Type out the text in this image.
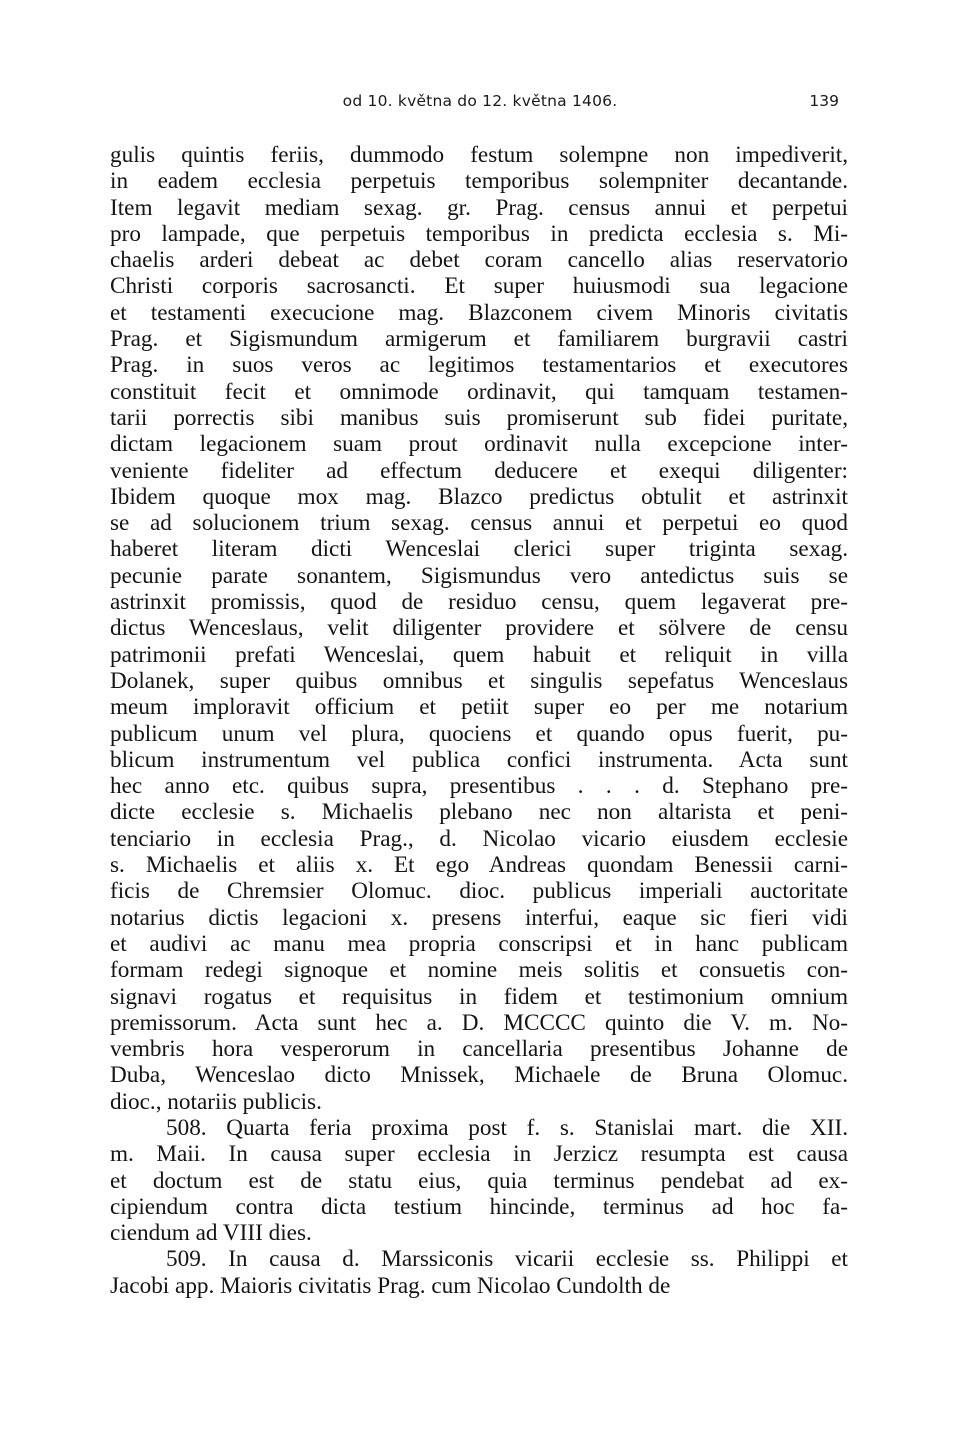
od 10. května do 12. května 1406.	139
gulis quintis feriis, dummodo festum solempne non impediverit,
in eadem ecclesia perpetuis temporibus solempniter decantande.
Item legavit mediam sexag. gr. Prag. census annui et perpetui
pro lampade, que perpetuis temporibus in predicta ecclesia s. Mi-
chaelis arderi debeat ac debet coram cancello alias reservatorio
Christi corporis sacrosancti. Et super huiusmodi sua legacione
et testamenti execucione mag. Blazconem civem Minoris civitatis
Prag. et Sigismundum armigerum et familiarem burgravii castri
Prag. in suos veros ac legitimos testamentarios et executores
constituit fecit et omnimode ordinavit, qui tamquam testamen-
tarii porrectis sibi manibus suis promiserunt sub fidei puritate,
dictam legacionem suam prout ordinavit nulla excepcione inter-
veniente fideliter ad effectum deducere et exequi diligenter:
Ibidem quoque mox mag. Blazco predictus obtulit et astrinxit
se ad solucionem trium sexag. census annui et perpetui eo quod
haberet literam dicti Wenceslai clerici super triginta sexag.
pecunie parate sonantem, Sigismundus vero antedictus suis se
astrinxit promissis, quod de residuo censu, quem legaverat pre-
dictus Wenceslaus, velit diligenter providere et sölvere de censu
patrimonii prefati Wenceslai, quem habuit et reliquit in villa
Dolanek, super quibus omnibus et singulis sepefatus Wenceslaus
meum imploravit officium et petiit super eo per me notarium
publicum unum vel plura, quociens et quando opus fuerit, pu-
blicum instrumentum vel publica confici instrumenta. Acta sunt
hec anno etc. quibus supra, presentibus . . . d. Stephano pre-
dicte ecclesie s. Michaelis plebano nec non altarista et peni-
tenciario in ecclesia Prag., d. Nicolao vicario eiusdem ecclesie
s. Michaelis et aliis x. Et ego Andreas quondam Benessii carni-
ficis de Chremsier Olomuc. dioc. publicus imperiali auctoritate
notarius dictis legacioni x. presens interfui, eaque sic fieri vidi
et audivi ac manu mea propria conscripsi et in hanc publicam
formam redegi signoque et nomine meis solitis et consuetis con-
signavi rogatus et requisitus in fidem et testimonium omnium
premissorum. Acta sunt hec a. D. MCCCC quinto die V. m. No-
vembris hora vesperorum in cancellaria presentibus Johanne de
Duba, Wenceslao dicto Mnissek, Michaele de Bruna Olomuc.
dioc., notariis publicis.
508. Quarta feria proxima post f. s. Stanislai mart. die XII.
m. Maii. In causa super ecclesia in Jerzicz resumpta est causa
et doctum est de statu eius, quia terminus pendebat ad ex-
cipiendum contra dicta testium hincinde, terminus ad hoc fa-
ciendum ad VIII dies.
509. In causa d. Marssiconis vicarii ecclesie ss. Philippi et
Jacobi app. Maioris civitatis Prag. cum Nicolao Cundolth de
